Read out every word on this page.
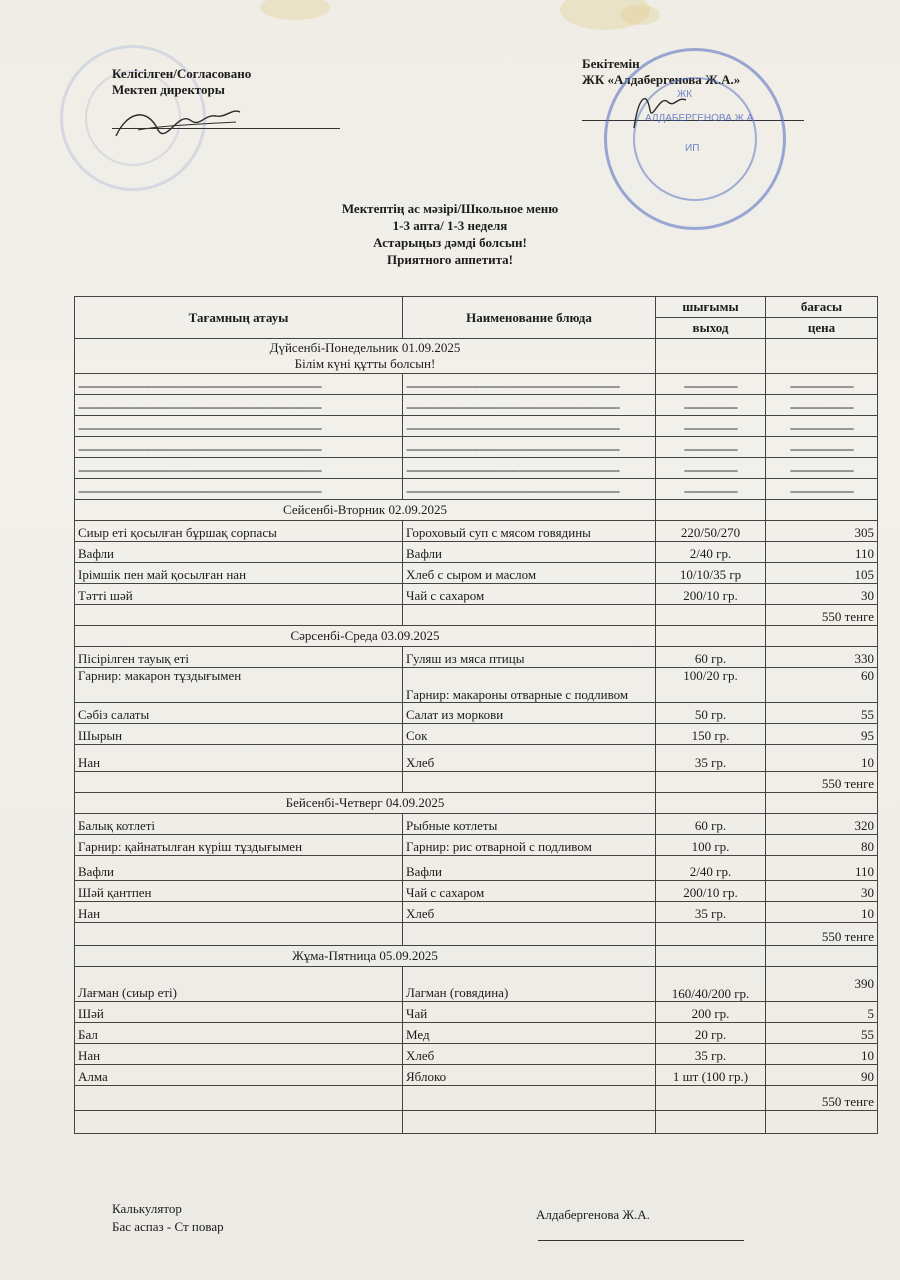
Келісілген/Согласовано
Мектеп директоры
Бекітемін
ЖК «Алдабергенова Ж.А.»
ЖК
АЛДАБЕРГЕНОВА Ж.А.
ИП
Мектептің ас мәзірі/Школьное меню
1-3 апта/ 1-3 неделя
Астарыңыз дәмді болсын!
Приятного аппетита!
Тағамның атауы	Наименование блюда	шығымы	бағасы
		выход	цена

Дүйсенбі-Понедельник 01.09.2025
Білім күні құтты болсын!			

-------------------------------------------------------------------------	----------------------------------------------------------------	----------------	-------------------
-------------------------------------------------------------------------	----------------------------------------------------------------	----------------	-------------------
-------------------------------------------------------------------------	----------------------------------------------------------------	----------------	-------------------
-------------------------------------------------------------------------	----------------------------------------------------------------	----------------	-------------------
-------------------------------------------------------------------------	----------------------------------------------------------------	----------------	-------------------
-------------------------------------------------------------------------	----------------------------------------------------------------	----------------	-------------------
Сейсенбі-Вторник 02.09.2025			
Сиыр еті қосылған бұршақ сорпасы	Гороховый суп с мясом говядины	220/50/270	305
Вафли	Вафли	2/40 гр.	110
Ірімшік пен май қосылған нан	Хлеб с сыром и маслом	10/10/35 гр	105
Тәтті шәй	Чай с сахаром	200/10 гр.	30
			550 тенге
Сәрсенбі-Среда 03.09.2025			
Пісірілген тауық еті	Гуляш из мяса птицы	60 гр.	330
Гарнир: макарон тұздығымен	Гарнир: макароны отварные с подливом	100/20 гр.	60
Сәбіз салаты	Салат из моркови	50 гр.	55
Шырын	Сок	150 гр.	95
Нан	Хлеб	35 гр.	10
			550 тенге
Бейсенбі-Четверг 04.09.2025			
Балық котлеті	Рыбные котлеты	60 гр.	320
Гарнир: қайнатылған күріш тұздығымен	Гарнир: рис отварной с подливом	100 гр.	80
Вафли	Вафли	2/40 гр.	110
Шәй қантпен	Чай с сахаром	200/10 гр.	30
Нан	Хлеб	35 гр.	10
			550 тенге
Жұма-Пятница 05.09.2025			
Лағман (сиыр еті)	Лагман (говядина)	160/40/200 гр.	390
Шәй	Чай	200 гр.	5
Бал	Мед	20 гр.	55
Нан	Хлеб	35 гр.	10
Алма	Яблоко	1 шт (100 гр.)	90
			550 тенге

Калькулятор
Бас аспаз - Ст повар
Алдабергенова Ж.А.
